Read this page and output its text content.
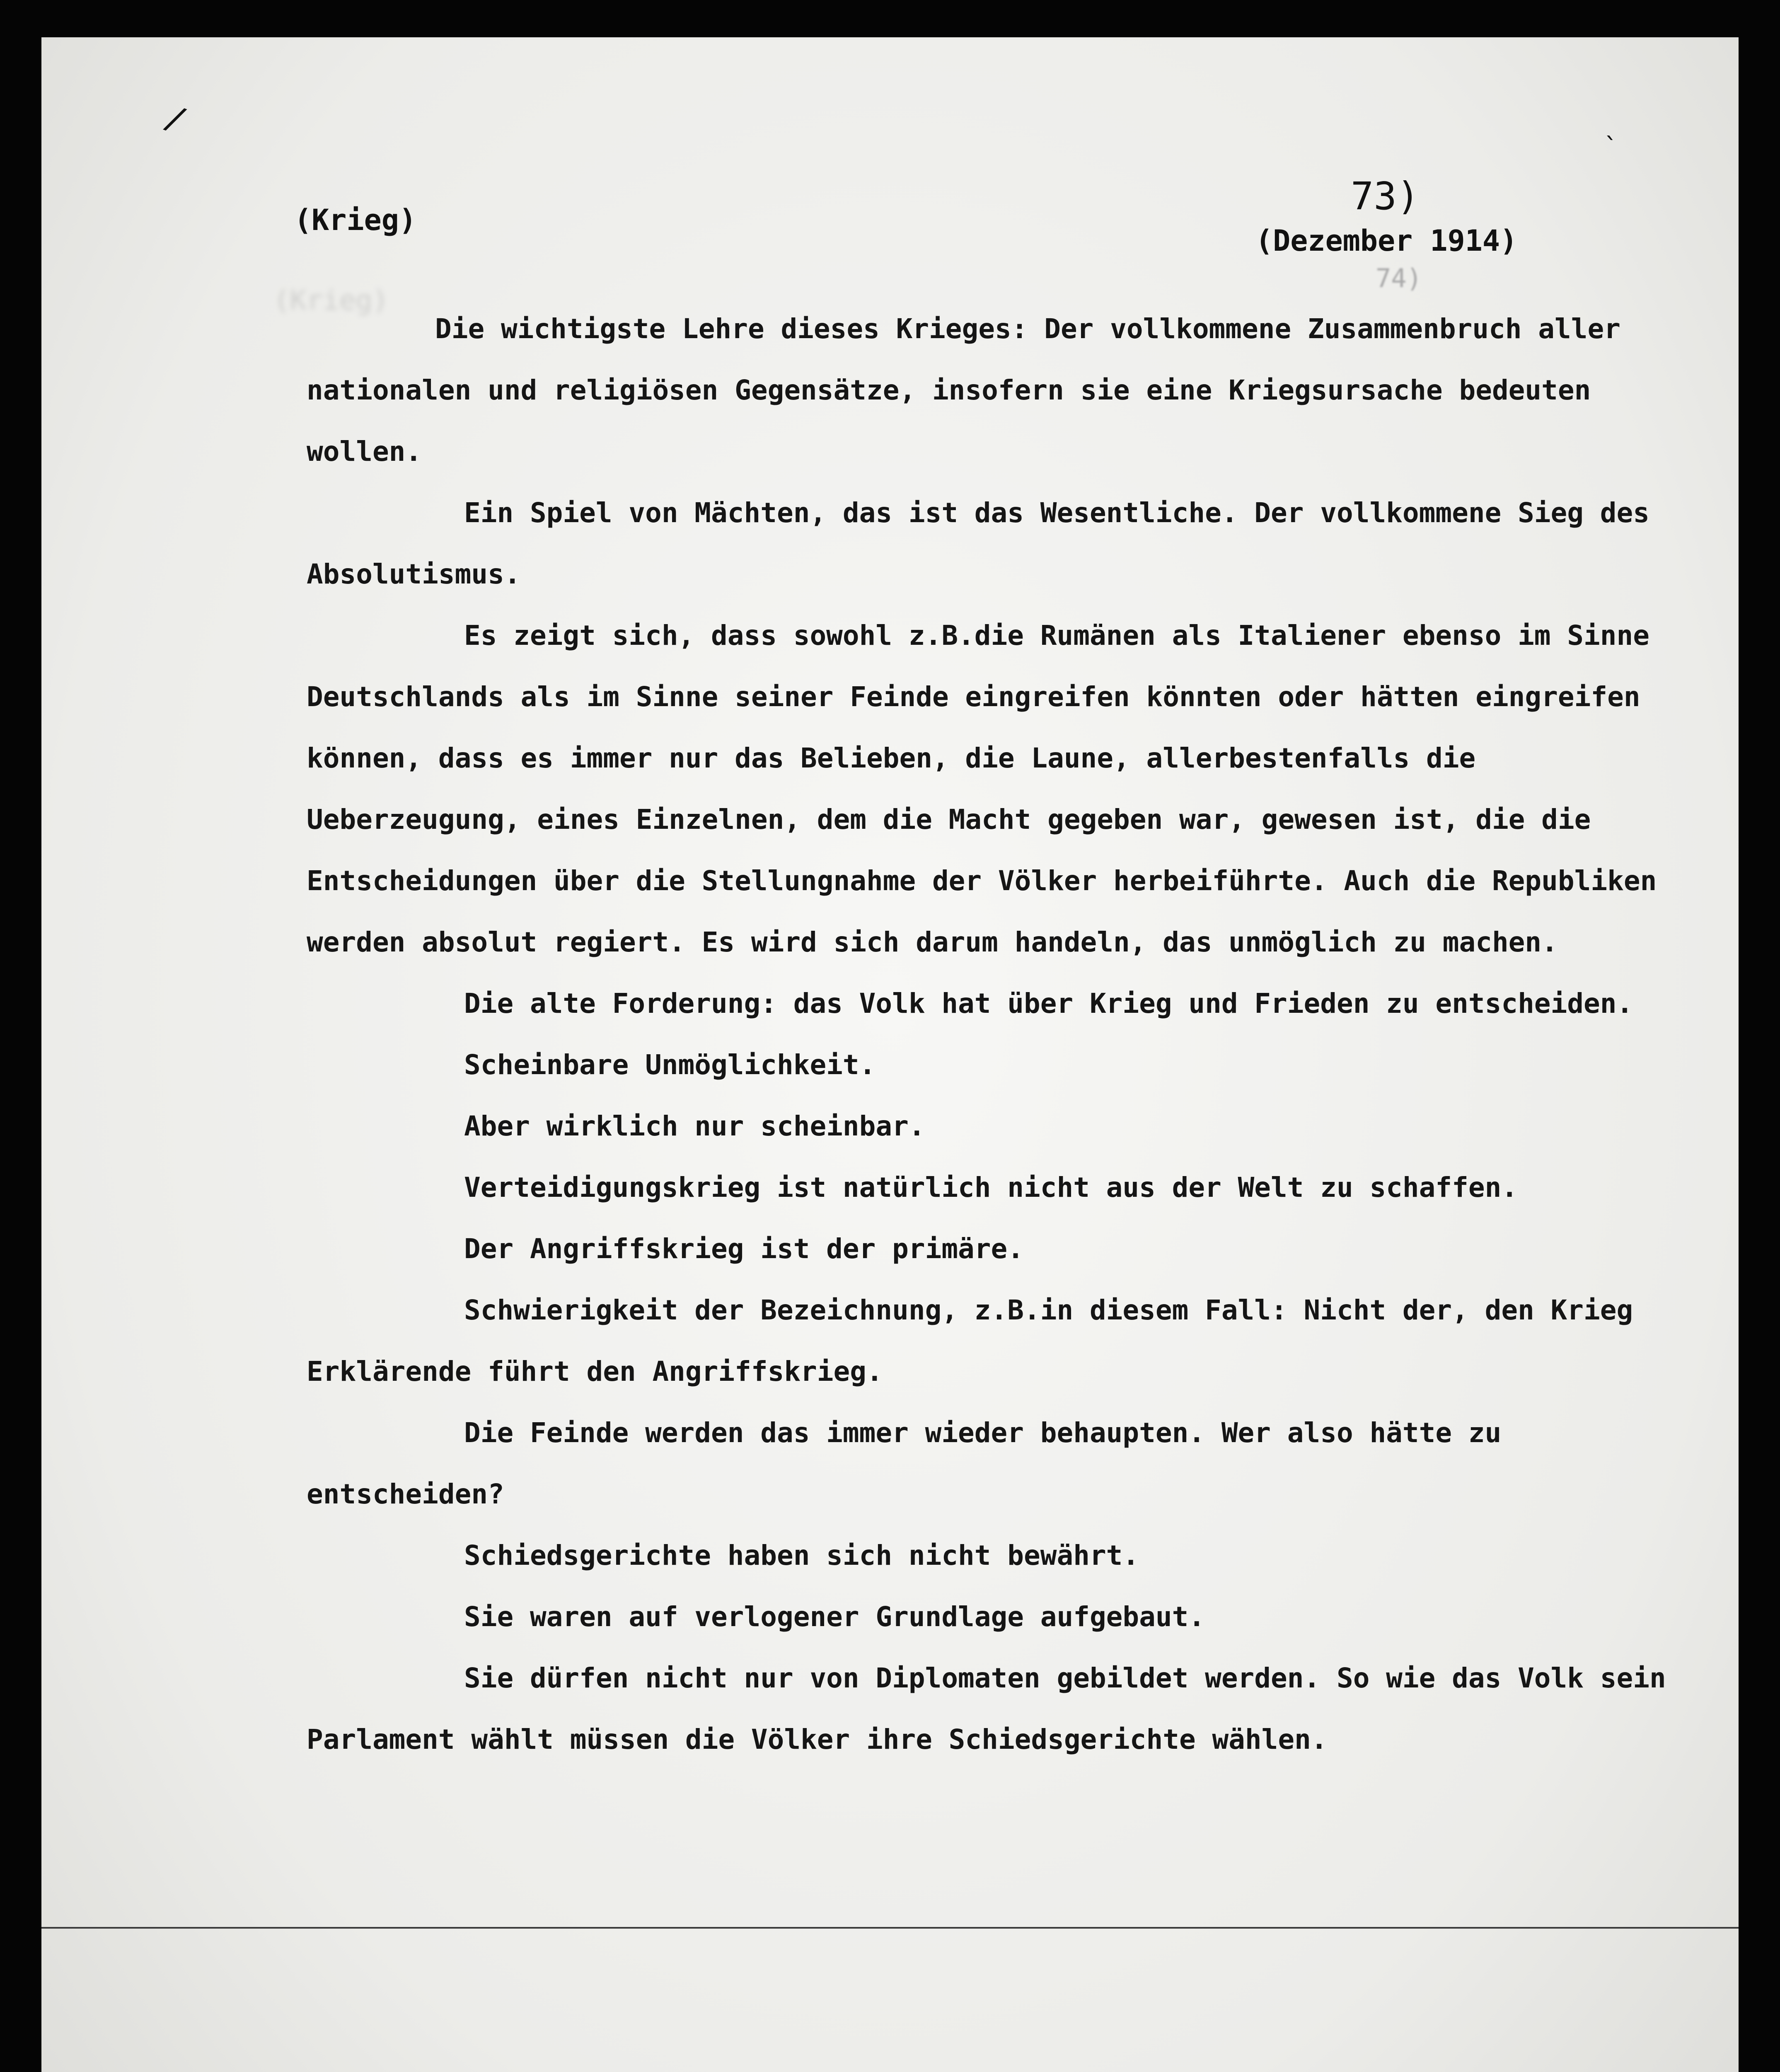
(Krieg)
/
`
(Krieg)
73)
(Dezember 1914)
74)

Die wichtigste Lehre dieses Krieges: Der vollkommene Zusammenbruch aller nationalen und religiösen Gegensätze, insofern sie eine Kriegsursache bedeuten wollen.

Ein Spiel von Mächten, das ist das Wesentliche. Der vollkommene Sieg des Absolutismus.

Es zeigt sich, dass sowohl z.B.die Rumänen als Italiener ebenso im Sinne Deutschlands als im Sinne seiner Feinde eingreifen könnten oder hätten eingreifen können, dass es immer nur das Belieben, die Laune, allerbestenfalls die Ueberzeugung, eines Einzelnen, dem die Macht gegeben war, gewesen ist, die die Entscheidungen über die Stellungnahme der Völker herbeiführte. Auch die Republiken werden absolut regiert. Es wird sich darum handeln, das unmöglich zu machen.

Die alte Forderung: das Volk hat über Krieg und Frieden zu entscheiden.

Scheinbare Unmöglichkeit.

Aber wirklich nur scheinbar.

Verteidigungskrieg ist natürlich nicht aus der Welt zu schaffen.

Der Angriffskrieg ist der primäre.

Schwierigkeit der Bezeichnung, z.B.in diesem Fall: Nicht der, den Krieg Erklärende führt den Angriffskrieg.

Die Feinde werden das immer wieder behaupten. Wer also hätte zu entscheiden?

Schiedsgerichte haben sich nicht bewährt.

Sie waren auf verlogener Grundlage aufgebaut.

Sie dürfen nicht nur von Diplomaten gebildet werden. So wie das Volk sein Parlament wählt müssen die Völker ihre Schiedsgerichte wählen.
